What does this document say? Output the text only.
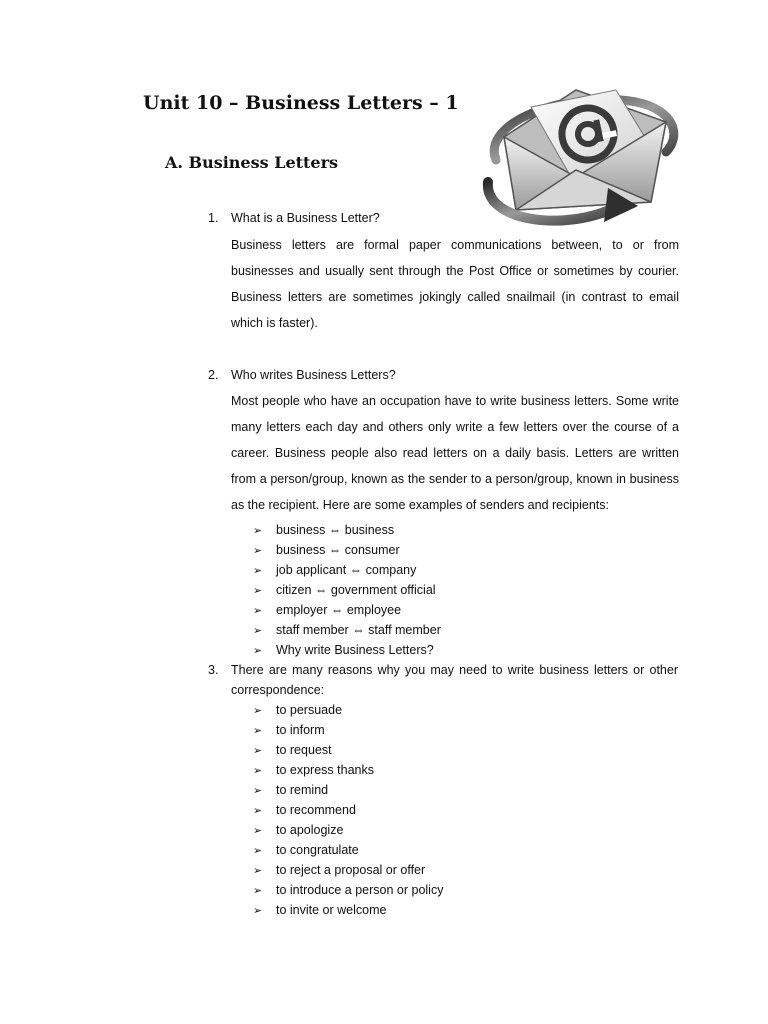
Unit 10 – Business Letters – 1
A. Business Letters
1.	What is a Business Letter?

Business letters are formal paper communications between, to or from businesses and usually sent through the Post Office or sometimes by courier. Business letters are sometimes jokingly called snailmail (in contrast to email which is faster).

2.	Who writes Business Letters?

Most people who have an occupation have to write business letters. Some write many letters each day and others only write a few letters over the course of a career. Business people also read letters on a daily basis. Letters are written from a person/group, known as the sender to a person/group, known in business as the recipient. Here are some examples of senders and recipients:

➢ business ⇔ business
➢ business ⇔ consumer
➢ job applicant ⇔ company
➢ citizen ⇔ government official
➢ employer ⇔ employee
➢ staff member ⇔ staff member
➢ Why write Business Letters?
3.	There are many reasons why you may need to write business letters or other correspondence:
➢ to persuade
➢ to inform
➢ to request
➢ to express thanks
➢ to remind
➢ to recommend
➢ to apologize
➢ to congratulate
➢ to reject a proposal or offer
➢ to introduce a person or policy
➢ to invite or welcome
